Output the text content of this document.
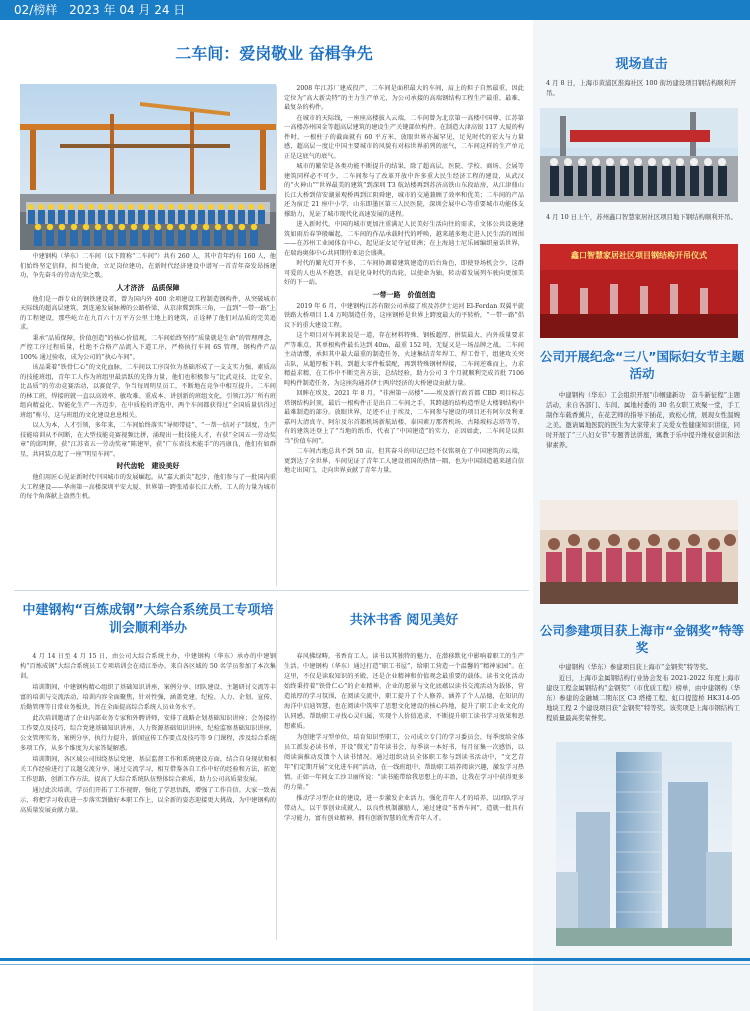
02/榜样 2023 年 04 月 24 日
二车间：爱岗敬业 奋楫争先

中建钢构（华东）二车间（以下简称“二车间”）共有 260 人，其中青年约有 160 人，他们始终坚定信仰，担当使命，立足岗位建功，在新时代经济建设中谱写一首青年奋发昂扬建功、争先奋斗的劳动光荣之歌。

人才济济　品质保障

他们是一群专业的钢铁建设者，曾为国内外 400 余项建设工程制造钢构件，从突破城市天际线的超高层建筑，到连通发展脉搏的公路桥梁，从京津冀到珠三角，一直到“一带一路”上的工程建设，那些屹立在九百六十万平方公里土地上的建筑，正诠释了他们对品质的完美追求。

秉承“品质保障，价值创造”的核心价值观，二车间始终坚持“质量就是生命”的管理理念，严控工序过程质量，杜绝不合格产品流入下道工序，严格执行车间 6S 管理，钢构件产品 100% 通过验收，成为公司的“执心车间”。

该品秉着“铁骨仁心”的文化血脉，二车间以工序岗位为基础形成了一支支实力强、素质高的技能班组，青年工人作为班组里最活跃的先锋力量，他们也积极参与“比武竞技、比安全、比品质”的劳动竞赛活动，以赛促学，争当每周明星员工，不断地在竞争中相互提升。二车间的林工班，焊接班就一直以高效率、敏攻难、重成本、讲创新的班组文化，引领江苏厂所有班组向精益化、智能化生产一齐迈步，在中质检的评选中，两个车间都获得过“全国质量信得过班组”称号，这与班组的文化建设息息相关。

以人为本，人才引领，多年来，二车间始终落实“导师带徒”、“一帮一结对子”制度，生产技能培训从不间断，在大型技能竞赛视频比拼，涌现出一批技能人才，有获“全国五一劳动奖章”的邱明辉，获“江苏省五一劳动奖章”陈建军，获“广东省技术能手”的冯康良，他们有如群星，共同装点起了一座“明星车间”。

时代齿轮　建设美好

他们用匠心见证新时代中国城市的发展崛起。从“嘉大新尖”起步，他们参与了一批国内重大工程建设——华南第一高楼深圳平安大厦、世界第一跨张靖泰长江大桥，工人的力量为城市的每个角落献上盎然生机。

2008 年江苏厂建成投产，二车间是面积最大的车间，肩上的担子自然最重，因此定位为“高大新尖特”的主力生产单元，为公司承接的高端钢结构工程生产最重、最难、最复杂的构件。

在城市的天际线，一座座高楼拔入云端，二车间曾为北京第一高楼中国尊、江苏第一高楼苏州国金等超高层建筑的建设生产关键部位构件。在制造大津高银 117 大厦的构件时，一根柱子的截面就有 60 平方米，放眼世界亦属罕见，足见时代的宏大与力量感，超高层一度让中国主要城市的风貌有对标世界前列的底气，二车间这样的生产单元正是这底气的底气。

城市的繁荣是各类功能不断提升的结果，除了超高层，医院、学校、商场、会展等建筑同样必不可少，二车间参与了改革开放中许多重大民生经济工程的建设，从武汉的“火神山”“世界最美的建筑”到深圳 T3 航站楼再到苏济高铁山东段站房，从江津鼎山长江大桥到信安湖景观桥再到江阴舜建，城市的交通兼顾了效率和优美；二车间的产品还为宿迁 21 座中小学，山东即墨区第三人民医院，深圳会展中心等重要城市功能体支撑助力，见证了城市现代化高速发展的进程。

进入新时代，中国的城市更加注重满足人民美好生活向往的需求，文体公共设施建筑如雨后春笋般崛起，二车间的作品承载时代的呼唤，越来越多地走进人民生活的周围——在苏州工业园体育中心，起见证女足夺冠亚洲；在上海迪士尼乐园编织童话世界，在瑞海奥体中心共同期待亚运会盛典。

时代的繁光灯开不多，二车间协调着建筑建造的后台角色，即使登场机会少，这群可爱的人也从不抱怨，而是化身时代的齿轮，以使命为轴，转动着发展列车驶向更加美好的下一站。

一带一路　价值创造

2019 年 6 月，中建钢构江苏有限公司承接了埃及苏伊士运河 El-Ferdan 双翼平旋铁路大桥项目 1.4 万吨制造任务，这座钢桥是世界上跨度最大的平转桥，“一带一路”倡议下的重大建设工程。

这个项目对车间来说是一道，存在材料特殊、钢板超厚、拼装最大、内外质量要求严等难点，其单根构件最长达到 40m，最重 152 吨，无疑又是一场品牌之战。二车间主动请缨，承担其中最大最重的制造任务，火速集结青年焊工、焊工骨干，组建攻关突击队，从超厚板下料，到超大零件板装配，再到特殊钢材焊接，二车间逆难而上，力求精益求精，在工作中不断完善方法，总结经验，助力公司 3 个月就顺利完成首批 7106 吨构件制造任务，为这座沟通苏伊士两岸经济的大桥建设贡献力量。

回眸在埃及，2021 年 8 月，“非洲第一高楼”——埃及新行政首都 CBD 项目标志塔钢结构封顶，最后一根构件正是出自二车间之手，其跨越的结构造型是大楼钢结构中最难制造的部分。放眼世界，足迹不止于埃及，二车间参与建设的项目还有阿尔及利亚嘉玛大清真寺、阿尔及尔首都机场新航站楼、泰国素万那普机场、古隆坡标志塔等等，有的建筑还登上了“当地的纸币，代表了“中国建造”的实力，正因如此，二车间是以担当“价值车间”。

二车间古地总共不到 50 亩，但其奋斗的印记已经不仅铭刻在了中国建筑的云端，更到达了全世界，车间见证了青年工人建设祖国的热情一隅，也为中国制造越来越自信地走出国门，走向世界贡献了青年力量。

现场直击
4 月 8 日，上海市黄浦区淮海社区 100 街坊建设项目钢结构顺利开吊。
4 月 10 日上午，苏州鑫口智慧家居社区项目地下钢结构顺利开吊。
鑫口智慧家居社区项目钢结构开吊仪式
公司开展纪念“三八”国际妇女节主题活动

中建钢构（华东）工会组织开展“巾帼建新功　奋斗新征程”主题活动，来自各部门、车间、属地村委的 30 名女职工欢聚一堂，手工制作车载香薰片，在花艺师的指导下插花，致松心情，展现女性温婉之美。邀请属地医院的医生为大家带来了关爱女性健康知识讲座，同时开展了“三八妇女节”专题普法讲座，寓教于乐中提升维权意识和法律素养。

公司参建项目获上海市“金钢奖”特等奖

中建钢构（华东）参建项目获上海市“金钢奖”特等奖。

近日，上海市金属钢结构行业协会发布 2021-2022 年度上海市建设工程金属钢结构“金钢奖”（市优质工程）榜单，由中建钢构（华东）参建的金融城二期东区 C3 塔楼工程、虹口提篮桥 HK314-05 地块工程 2 个建设项目获“金钢奖”特等奖。该奖项是上海市钢结构工程质量最高奖荣誉奖。

中建钢构“百炼成钢”大综合系统员工专项培训会顺利举办

4 月 14 日至 4 月 15 日，由公司大综合系统主办，中建钢构（华东）承办的中建钢构“百炼成钢”大综合系统员工专项培训会在靖江举办，来自各区域的 50 名学员参加了本次集训。

培训期间，中建钢构精心组织了基础知识讲座，案例分享、团队建设、主题研讨交流等丰富的培训与交流活动，培训内容全面聚焦，针对性强，涵盖党建、纪检、人力、企划、宣传、后勤管理等日常业务板块，旨在全面提高综合系统人员业务水平。

此次培训邀请了企业内部业务专家和外聘讲师，安排了战略企划基础知识讲座；会务接待工作要点及技巧，综合党建基础知识讲座，人力资源基础知识讲座，纪检监察基础知识讲座，公文管理实务，案例分享，执行力提升，新闻宣传工作要点及技巧等 9 门课程，涉及综合系统多项工作，从多个维度为大家答疑解惑。

培训期间，各区域公司围绕基层党建、基层监督工作和系统建设方面，结合自身现状和相关工作经验进行了议题交流分享，通过交流学习，相互借鉴各自工作中好的经验和方法，拓宽工作思路，创新工作方法，提高了大综合系统队伍整体综合素质，助力公司高质量发展。

通过此次培训，学员们开拓了工作视野，强化了学思悟践，增强了工作自信。大家一致表示，将把学习收获进一步落实到做好本职工作上，以全新的姿态迎接更大挑战，为中建钢构的高质量发展贡献力量。

共沐书香 阅见美好

春风拂绿畴，书香育工人。读书以其独特的魅力，在潜移默化中影响着职工的生产生活。中建钢构（华东）通过打造“职工书屋”，给职工营造一个温馨的“精神家园”。在这里，不仅是读取知识的圣殿，还是企业精神和价值观念最重要的载体。读书文化活动始终秉持着“铁骨仁心”的企业精神，企业的愿景与文化底蕴以读书交流活动为载体，营造浓厚的学习氛围，在阅读交流中，职工提升了个人修养，涵养了个人品德，在知识的海洋中启迪智慧，也在阅读中筑牢了思想文化建设的核心阵地，提升了职工企业文化的认同感，帮助职工寻找心灵归属，实现个人价值追求，不断提升职工读书学习效果和思想素质。

为创建学习型单位，培育知识型职工，公司成立专门的学习委员会，每季度给全体员工派发必读书单，开设“微光”青年读书会，每季读一本好书，每月征集一次感悟，以阅读演推动反馈个人读书情况。通过组织动员全体职工参与到读书活动中，“文艺青年”们定期开展“文化进车间”活动，在一线班组中，帮助职工培养阅读兴趣，激发学习热情。正如一年间女工沙卫丽所说：“读书能带给我思想上的丰盈，让我在学习中获得更多的力量。”

推动学习型企业的建设，进一步激发企业活力，强化青年人才的培养，以团队学习带动人，以干事创业成就人，以良性机制激励人，通过建设“书香车间”，造就一批具有学习能力，富有创业精神，拥有创新智慧的优秀青年人才。
